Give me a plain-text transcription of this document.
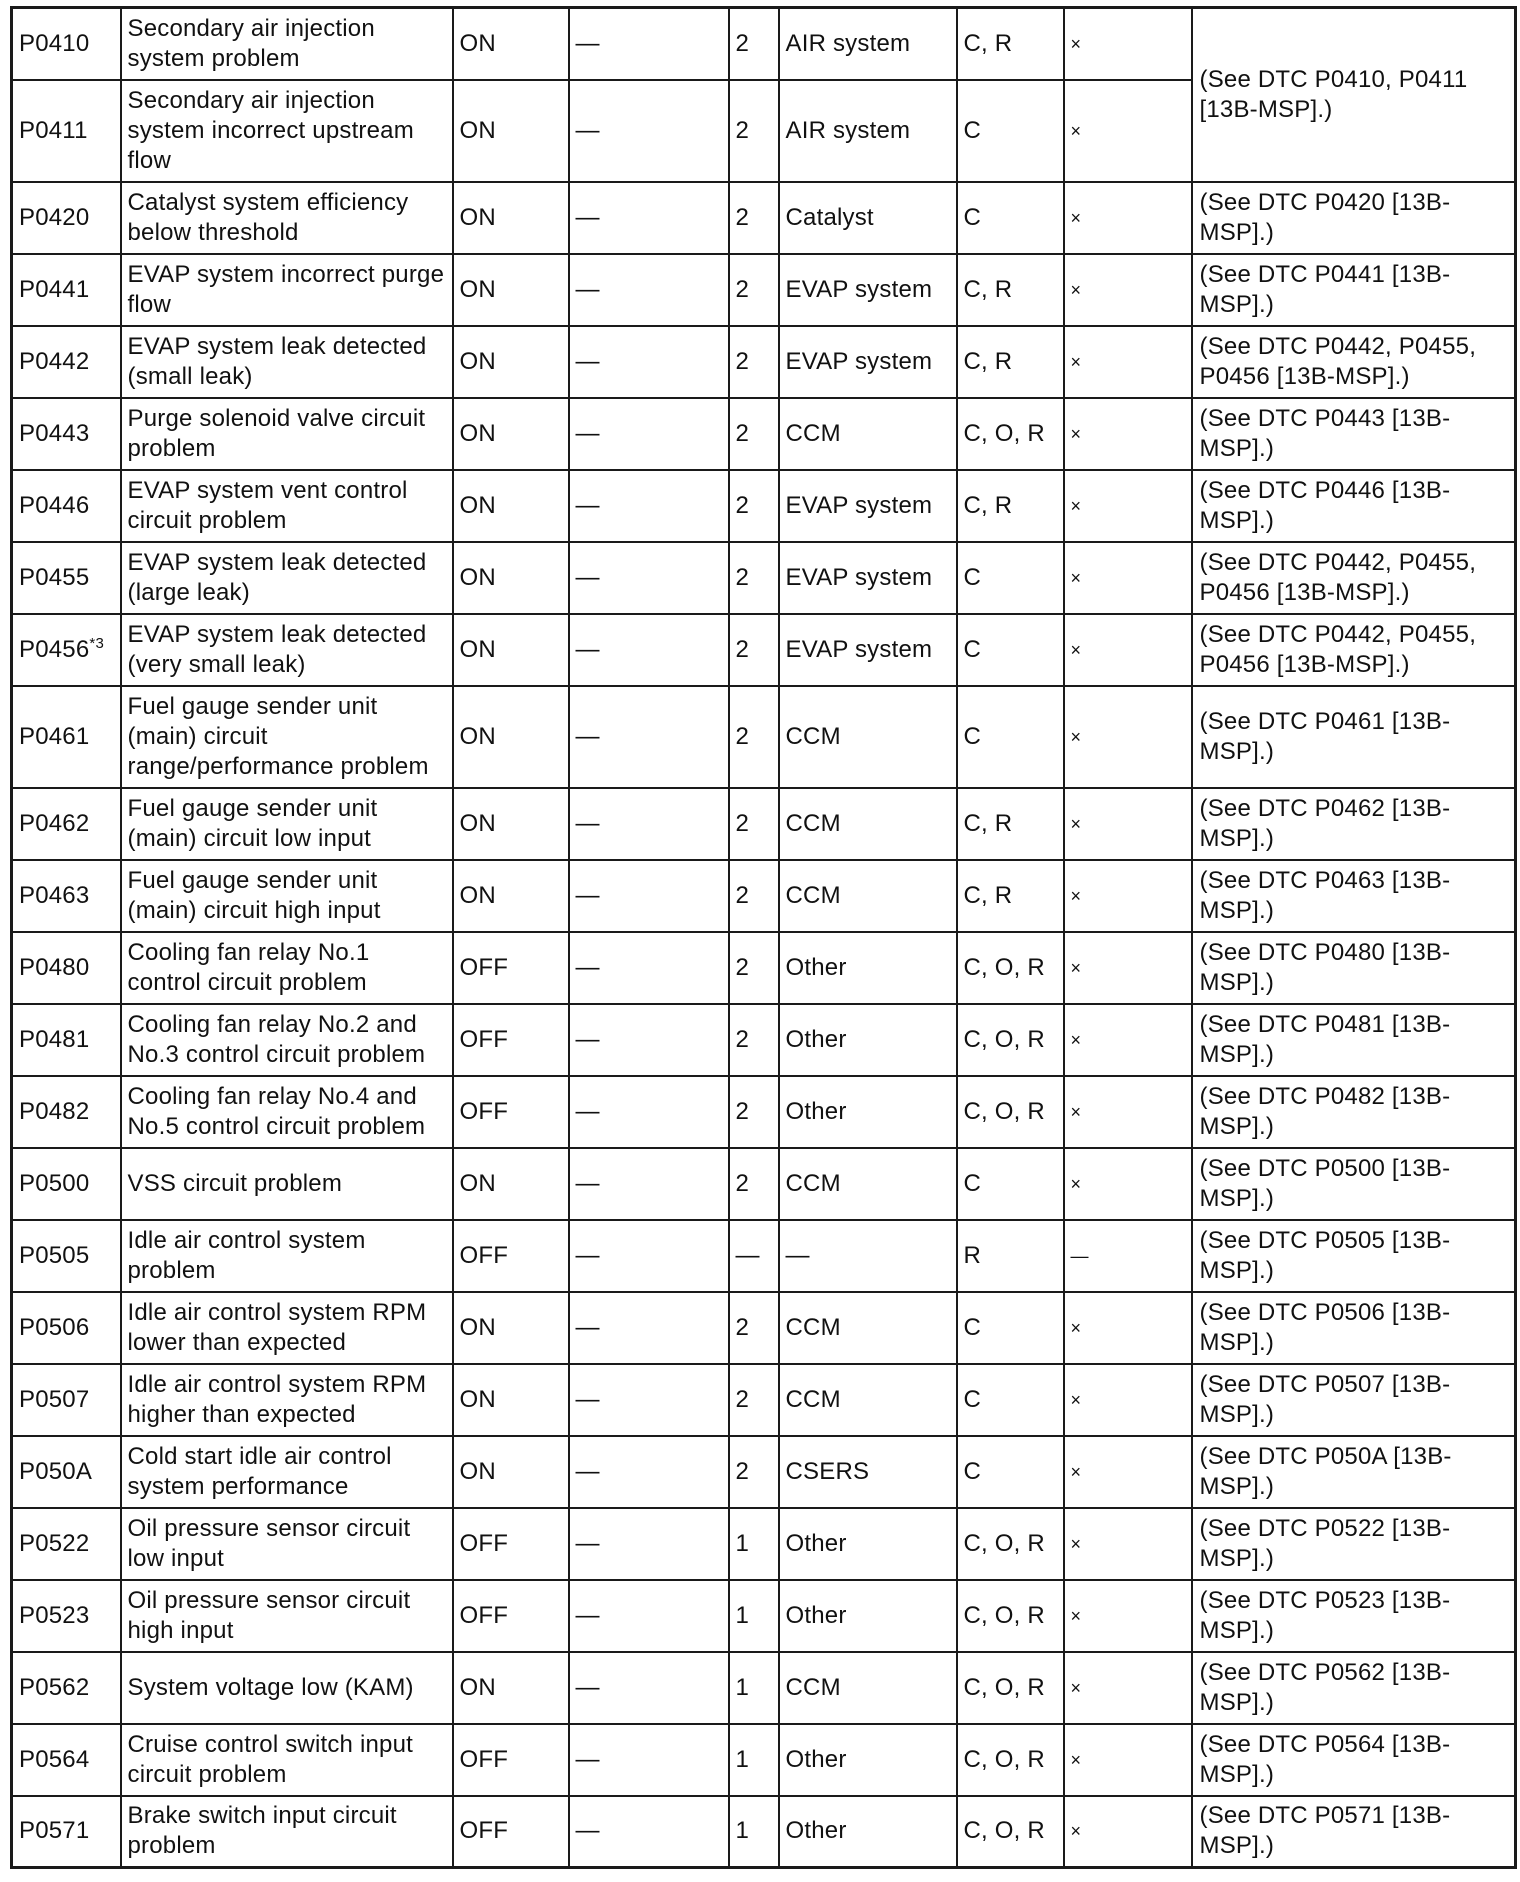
P0410	Secondary air injection system problem	ON	—	2	AIR system	C, R	×	(See DTC P0410, P0411 [13B-MSP].)
P0411	Secondary air injection system incorrect upstream flow	ON	—	2	AIR system	C	×	
P0420	Catalyst system efficiency below threshold	ON	—	2	Catalyst	C	×	(See DTC P0420 [13B-MSP].)
P0441	EVAP system incorrect purge flow	ON	—	2	EVAP system	C, R	×	(See DTC P0441 [13B-MSP].)
P0442	EVAP system leak detected (small leak)	ON	—	2	EVAP system	C, R	×	(See DTC P0442, P0455, P0456 [13B-MSP].)
P0443	Purge solenoid valve circuit problem	ON	—	2	CCM	C, O, R	×	(See DTC P0443 [13B-MSP].)
P0446	EVAP system vent control circuit problem	ON	—	2	EVAP system	C, R	×	(See DTC P0446 [13B-MSP].)
P0455	EVAP system leak detected (large leak)	ON	—	2	EVAP system	C	×	(See DTC P0442, P0455, P0456 [13B-MSP].)
P0456$^{*3}$	EVAP system leak detected (very small leak)	ON	—	2	EVAP system	C	×	(See DTC P0442, P0455, P0456 [13B-MSP].)
P0461	Fuel gauge sender unit (main) circuit range/performance problem	ON	—	2	CCM	C	×	(See DTC P0461 [13B-MSP].)
P0462	Fuel gauge sender unit (main) circuit low input	ON	—	2	CCM	C, R	×	(See DTC P0462 [13B-MSP].)
P0463	Fuel gauge sender unit (main) circuit high input	ON	—	2	CCM	C, R	×	(See DTC P0463 [13B-MSP].)
P0480	Cooling fan relay No.1 control circuit problem	OFF	—	2	Other	C, O, R	×	(See DTC P0480 [13B-MSP].)
P0481	Cooling fan relay No.2 and No.3 control circuit problem	OFF	—	2	Other	C, O, R	×	(See DTC P0481 [13B-MSP].)
P0482	Cooling fan relay No.4 and No.5 control circuit problem	OFF	—	2	Other	C, O, R	×	(See DTC P0482 [13B-MSP].)
P0500	VSS circuit problem	ON	—	2	CCM	C	×	(See DTC P0500 [13B-MSP].)
P0505	Idle air control system problem	OFF	—	—	—	R	—	(See DTC P0505 [13B-MSP].)
P0506	Idle air control system RPM lower than expected	ON	—	2	CCM	C	×	(See DTC P0506 [13B-MSP].)
P0507	Idle air control system RPM higher than expected	ON	—	2	CCM	C	×	(See DTC P0507 [13B-MSP].)
P050A	Cold start idle air control system performance	ON	—	2	CSERS	C	×	(See DTC P050A [13B-MSP].)
P0522	Oil pressure sensor circuit low input	OFF	—	1	Other	C, O, R	×	(See DTC P0522 [13B-MSP].)
P0523	Oil pressure sensor circuit high input	OFF	—	1	Other	C, O, R	×	(See DTC P0523 [13B-MSP].)
P0562	System voltage low (KAM)	ON	—	1	CCM	C, O, R	×	(See DTC P0562 [13B-MSP].)
P0564	Cruise control switch input circuit problem	OFF	—	1	Other	C, O, R	×	(See DTC P0564 [13B-MSP].)
P0571	Brake switch input circuit problem	OFF	—	1	Other	C, O, R	×	(See DTC P0571 [13B-MSP].)
